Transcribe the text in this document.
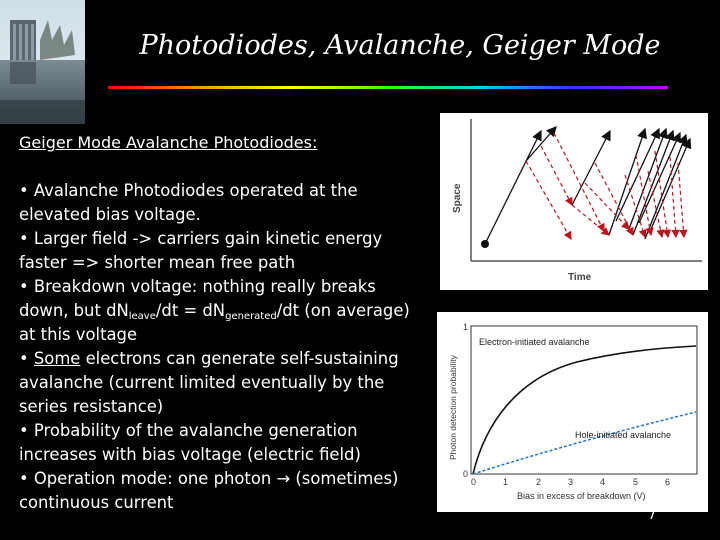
Photodiodes, Avalanche, Geiger Mode
Geiger Mode Avalanche Photodiodes:

• Avalanche Photodiodes operated at the elevated bias voltage.

• Larger field -> carriers gain kinetic energy faster => shorter mean free path

• Breakdown voltage: nothing really breaks down, but $dN_{leave}/dt = dN_{generated}/dt$ (on average) at this voltage

• Some electrons can generate self-sustaining avalanche (current limited eventually by the series resistance)

• Probability of the avalanche generation increases with bias voltage (electric field)

• Operation mode: one photon → (sometimes) continuous current

Space
Time
Photon detection probability
0
1
0	1	2	3	4	5	6
Bias in excess of breakdown (V)
Electron-initiated avalanche
Hole-initiated avalanche
7
